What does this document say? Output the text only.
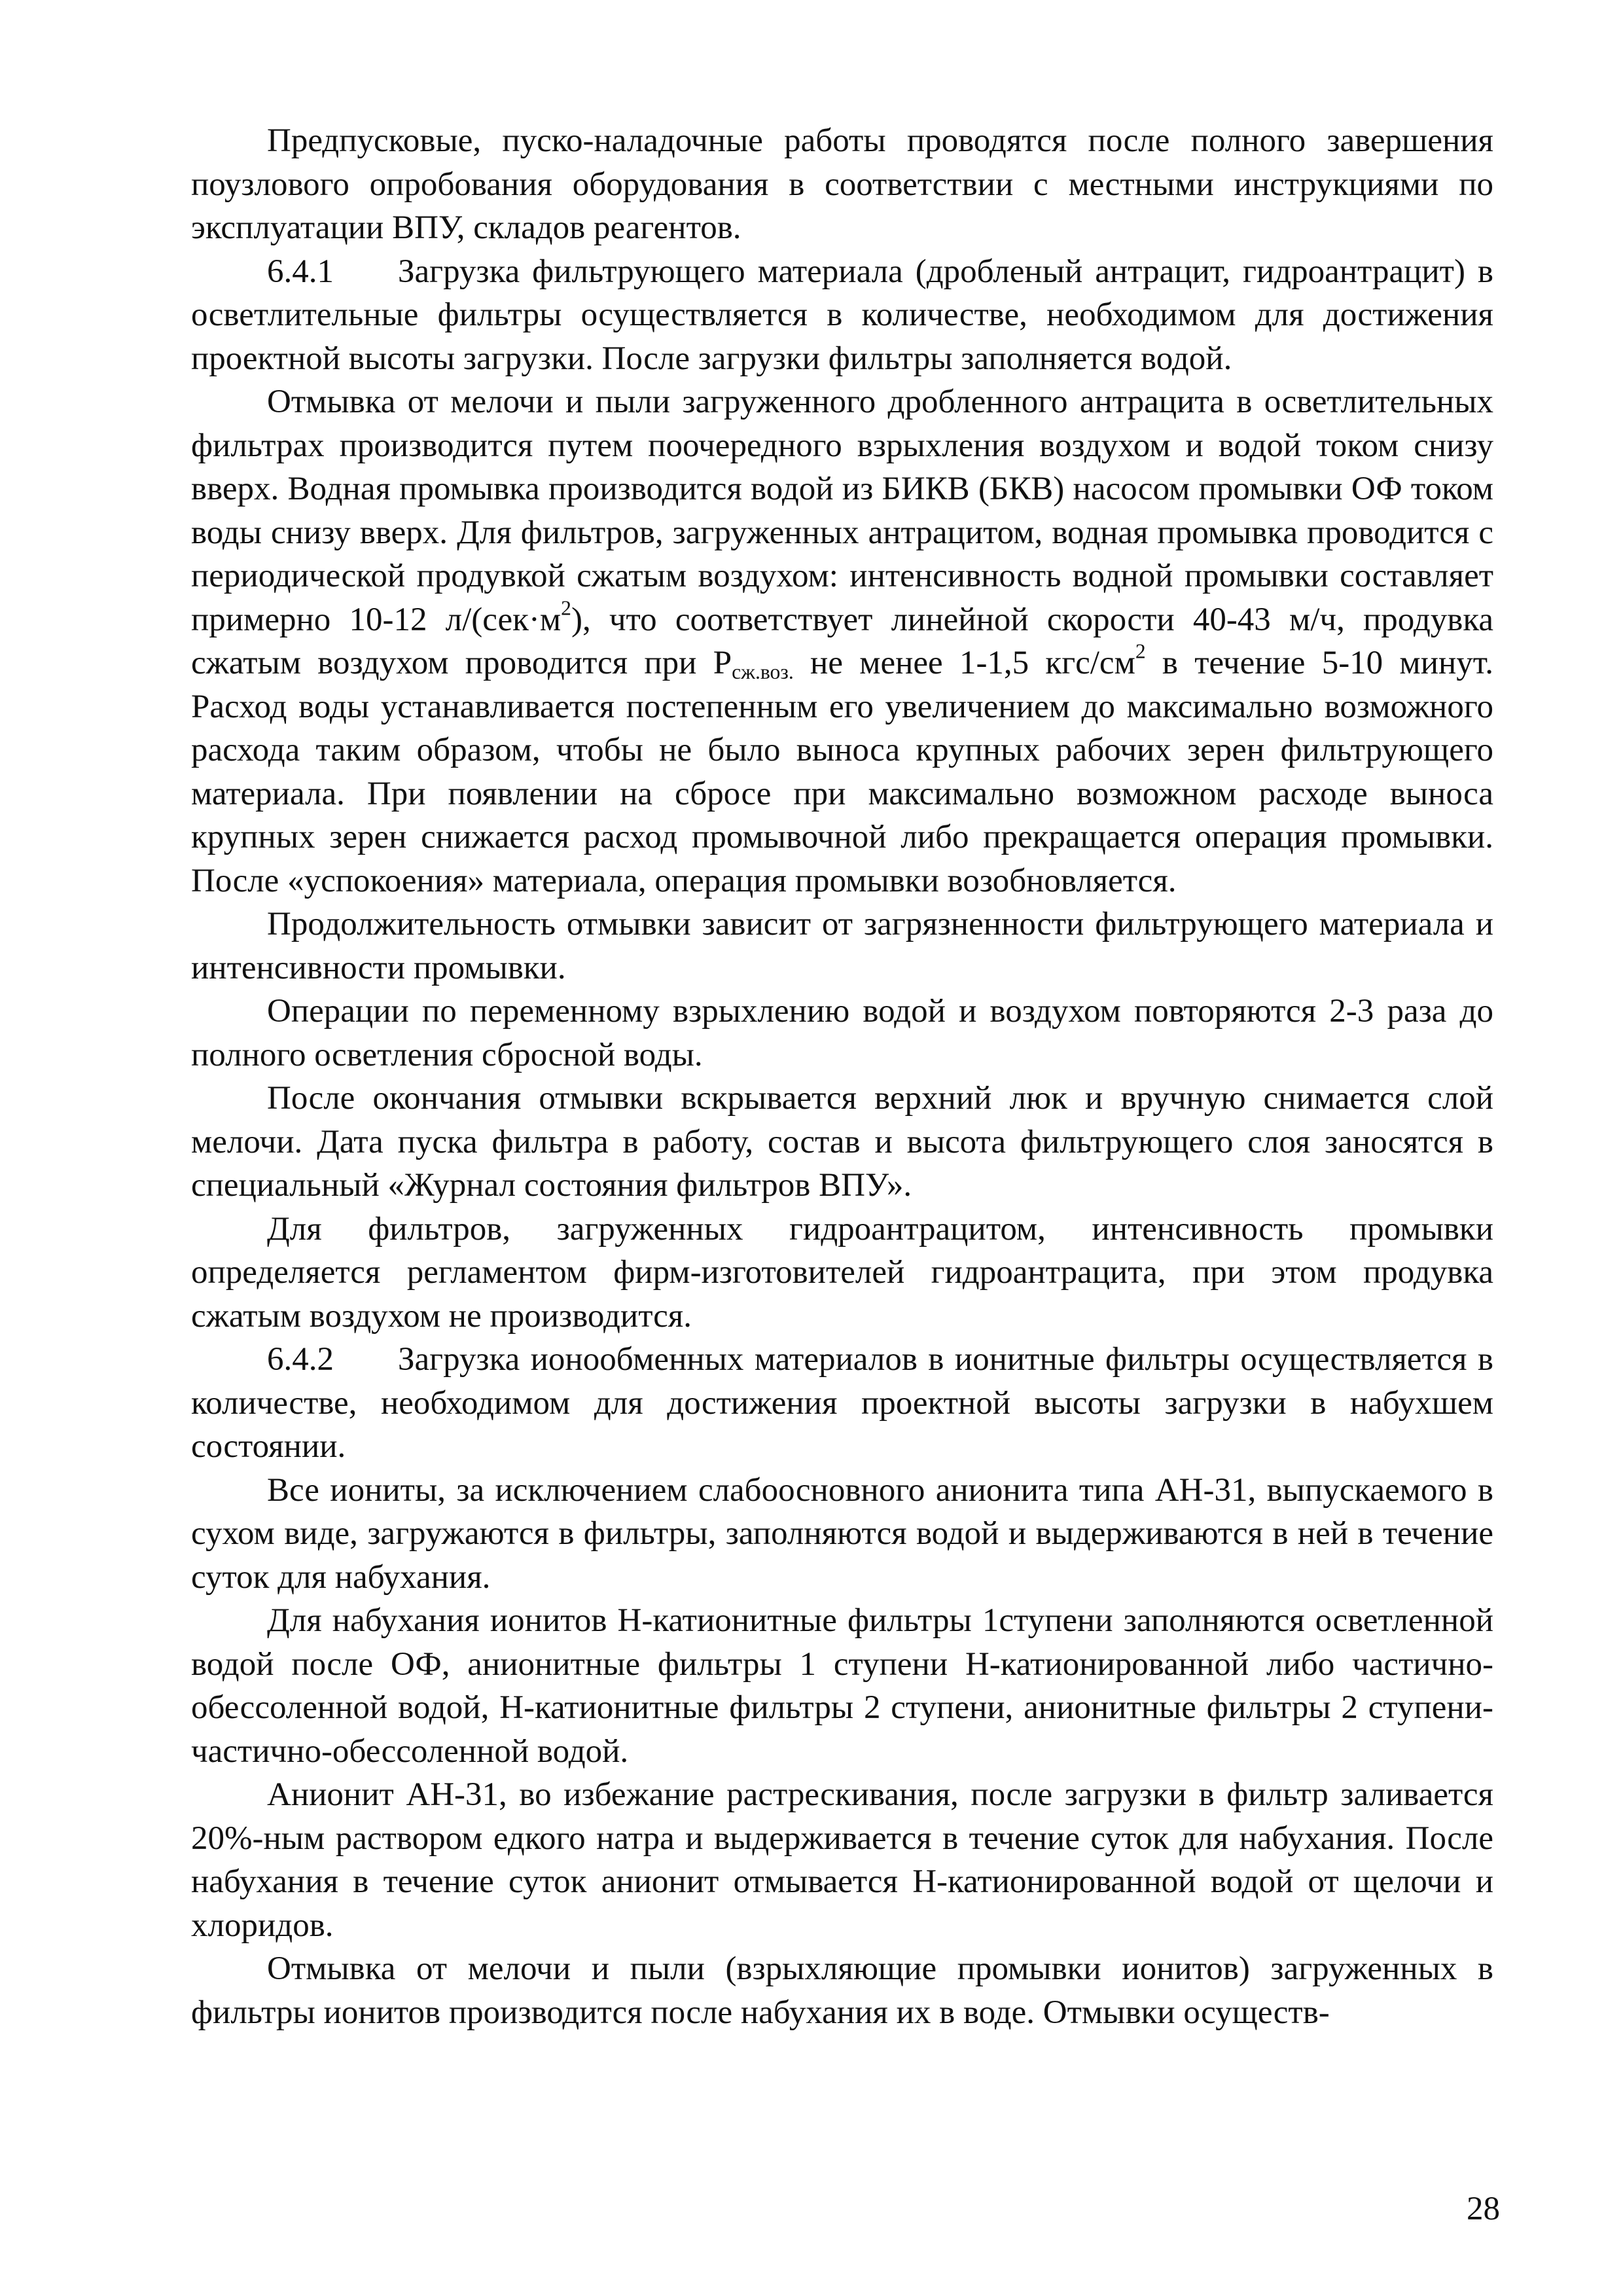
Предпусковые, пуско-наладочные работы проводятся после полного завершения поузлового опробования оборудования в соответствии с местными инструкциями по эксплуатации ВПУ, складов реагентов.

6.4.1 Загрузка фильтрующего материала (дробленый антрацит, гидроантрацит) в осветлительные фильтры осуществляется в количестве, необходимом для достижения проектной высоты загрузки. После загрузки фильтры заполняется водой.

Отмывка от мелочи и пыли загруженного дробленного антрацита в осветлительных фильтрах производится путем поочередного взрыхления воздухом и водой током снизу вверх. Водная промывка производится водой из БИКВ (БКВ) насосом промывки ОФ током воды снизу вверх. Для фильтров, загруженных антрацитом, водная промывка проводится с периодической продувкой сжатым воздухом: интенсивность водной промывки составляет примерно 10-12 $л/(сек\cdot м^2)$, что соответствует линейной скорости 40-43 м/ч, продувка сжатым воздухом проводится при $Р_{сж.воз.}$ не менее 1-1,5 кгс/$см^2$ в течение 5-10 минут. Расход воды устанавливается постепенным его увеличением до максимально возможного расхода таким образом, чтобы не было выноса крупных рабочих зерен фильтрующего материала. При появлении на сбросе при максимально возможном расходе выноса крупных зерен снижается расход промывочной либо прекращается операция промывки. После «успокоения» материала, операция промывки возобновляется.

Продолжительность отмывки зависит от загрязненности фильтрующего материала и интенсивности промывки.

Операции по переменному взрыхлению водой и воздухом повторяются 2-3 раза до полного осветления сбросной воды.

После окончания отмывки вскрывается верхний люк и вручную снимается слой мелочи. Дата пуска фильтра в работу, состав и высота фильтрующего слоя заносятся в специальный «Журнал состояния фильтров ВПУ».

Для фильтров, загруженных гидроантрацитом, интенсивность промывки определяется регламентом фирм-изготовителей гидроантрацита, при этом продувка сжатым воздухом не производится.

6.4.2 Загрузка ионообменных материалов в ионитные фильтры осуществляется в количестве, необходимом для достижения проектной высоты загрузки в набухшем состоянии.

Все иониты, за исключением слабоосновного анионита типа АН-31, выпускаемого в сухом виде, загружаются в фильтры, заполняются водой и выдерживаются в ней в течение суток для набухания.

Для набухания ионитов Н-катионитные фильтры 1ступени заполняются осветленной водой после ОФ, анионитные фильтры 1 ступени Н-катионированной либо частично-обессоленной водой, Н-катионитные фильтры 2 ступени, анионитные фильтры 2 ступени-частично-обессоленной водой.

Анионит АН-31, во избежание растрескивания, после загрузки в фильтр заливается 20%-ным раствором едкого натра и выдерживается в течение суток для набухания. После набухания в течение суток анионит отмывается Н-катионированной водой от щелочи и хлоридов.

Отмывка от мелочи и пыли (взрыхляющие промывки ионитов) загруженных в фильтры ионитов производится после набухания их в воде. Отмывки осуществ-

28
